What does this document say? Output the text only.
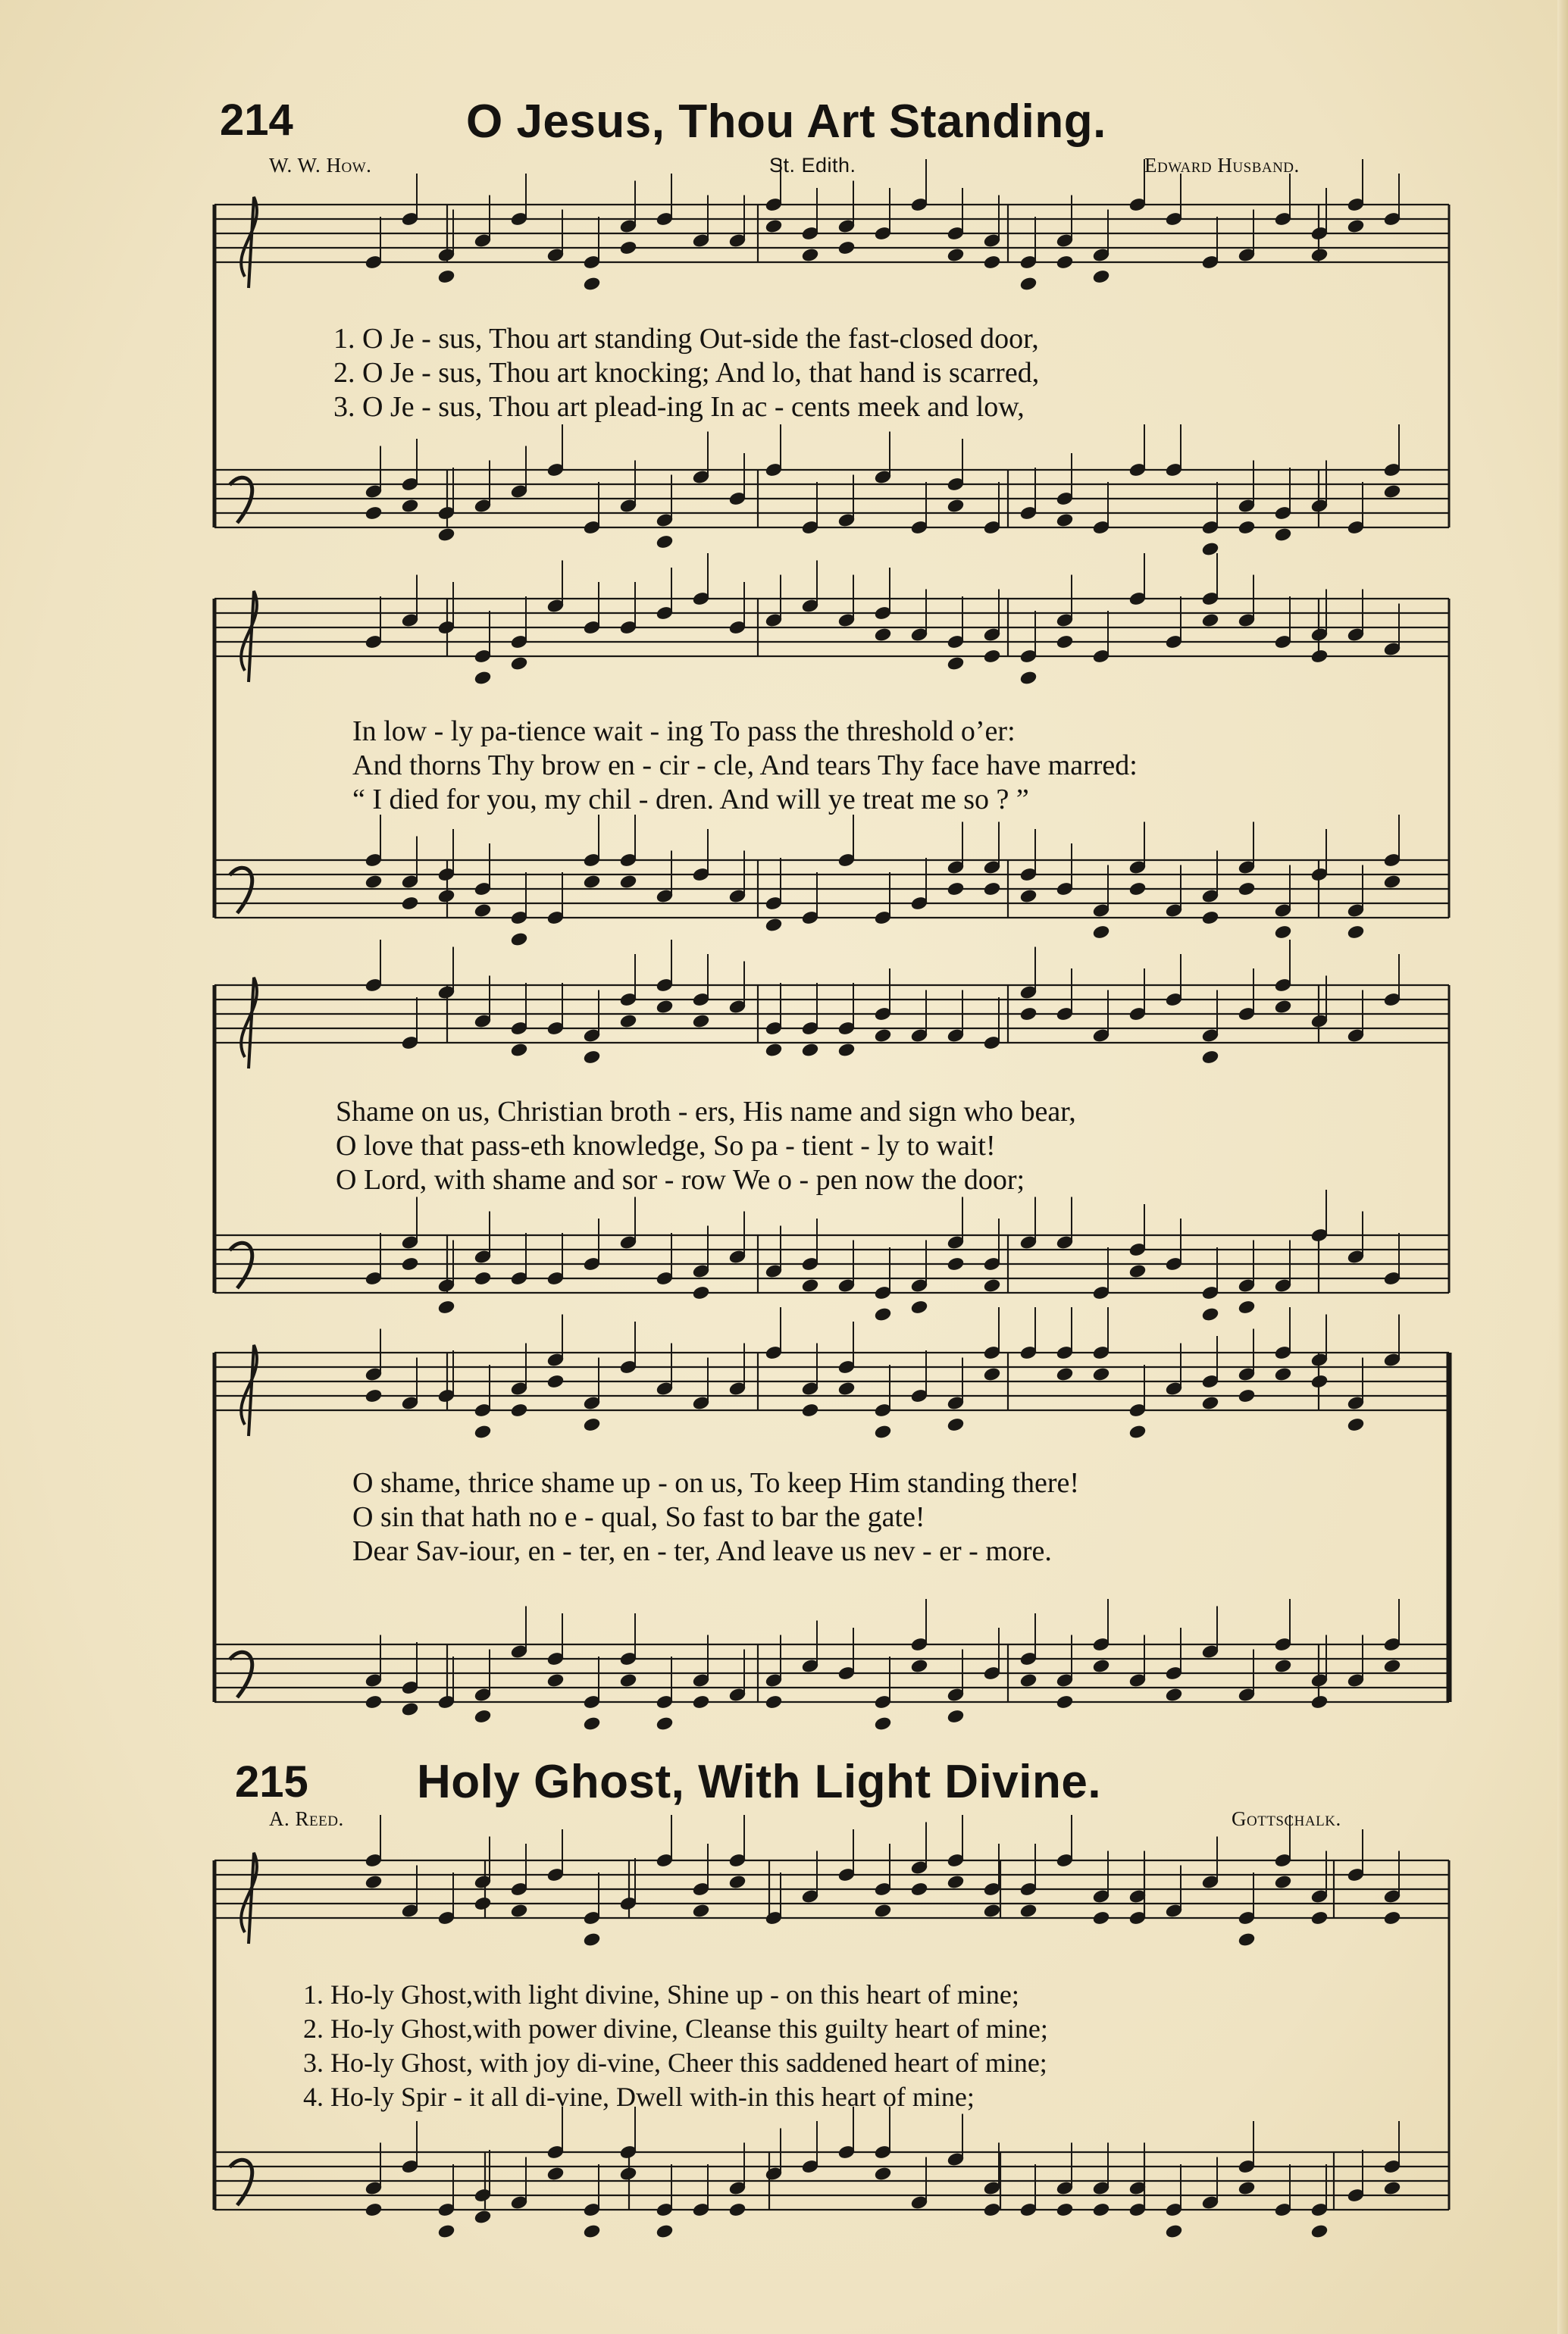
214	O Jesus, Thou Art Standing.
W. W. How.	St. Edith.	Edward Husband.
1. O Je - sus, Thou art standing Out-side the fast-closed door,
2. O Je - sus, Thou art knocking; And lo, that hand is scarred,
3. O Je - sus, Thou art plead-ing In ac - cents meek and low,
In low - ly pa-tience wait - ing To pass the threshold o’er:
And thorns Thy brow en - cir - cle, And tears Thy face have marred:
“ I died for you, my chil - dren. And will ye treat me so ? ”
Shame on us, Christian broth - ers, His name and sign who bear,
O love that pass-eth knowledge, So pa - tient - ly to wait!
O Lord, with shame and sor - row We o - pen now the door;
O shame, thrice shame up - on us, To keep Him standing there!
O sin that hath no e - qual, So fast to bar the gate!
Dear Sav-iour, en - ter, en - ter, And leave us nev - er - more.
215 Holy Ghost, With Light Divine.
A. Reed.	Gottschalk.
1. Ho-ly Ghost,with light divine, Shine up - on this heart of mine;
2. Ho-ly Ghost,with power divine, Cleanse this guilty heart of mine;
3. Ho-ly Ghost, with joy di-vine, Cheer this saddened heart of mine;
4. Ho-ly Spir - it all di-vine, Dwell with-in this heart of mine;
